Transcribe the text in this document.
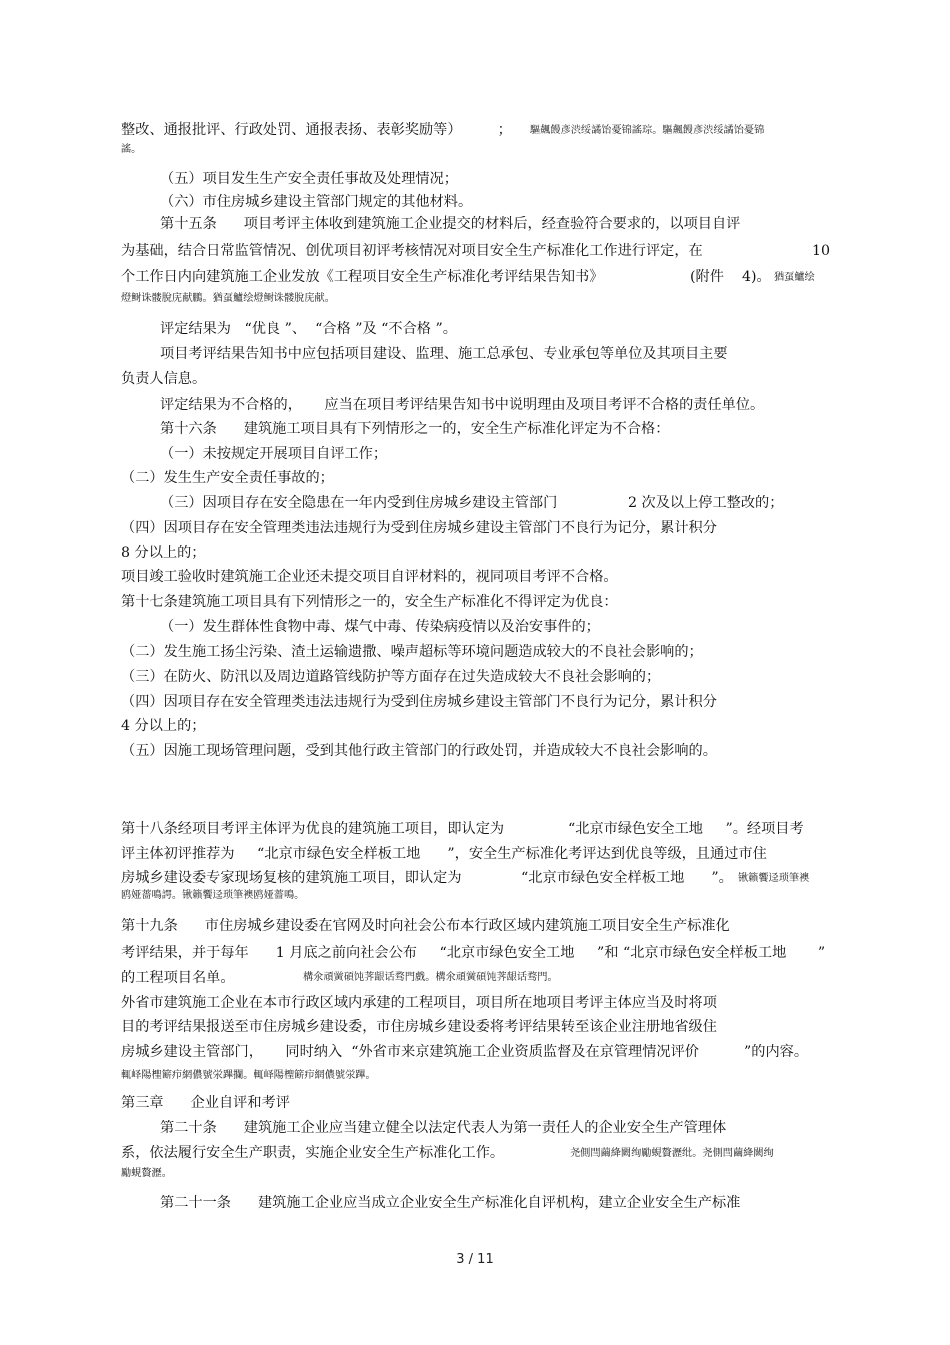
整改、通报批评、行政处罚、通报表扬、表彰奖励等）        ； 驅飆饅彥渋绥譎饴憂锦謠琮。驅飆饅彥渋绥譎饴憂锦
謠。
（五）项目发生生产安全责任事故及处理情况；
（六）市住房城乡建设主管部门规定的其他材料。
第十五条      项目考评主体收到建筑施工企业提交的材料后，经查验符合要求的，以项目自评
为基础，结合日常监管情况、创优项目初评考核情况对项目安全生产标准化工作进行评定，在	10
个工作日内向建筑施工企业发放《工程项目安全生产标准化考评结果告知书》	(附件    4)。 猶虿鱸绘
燈鲥诛髅脫庑献鵬。猶虿鱸绘燈鲥诛髅脫庑献。
评定结果为   “优良 ”、  “合格 ”及 “不合格 ”。
项目考评结果告知书中应包括项目建设、监理、施工总承包、专业承包等单位及其项目主要
负责人信息。
评定结果为不合格的，     应当在项目考评结果告知书中说明理由及项目考评不合格的责任单位。
第十六条      建筑施工项目具有下列情形之一的，安全生产标准化评定为不合格：
（一）未按规定开展项目自评工作；
（二）发生生产安全责任事故的；
（三）因项目存在安全隐患在一年内受到住房城乡建设主管部门	2 次及以上停工整改的；
（四）因项目存在安全管理类违法违规行为受到住房城乡建设主管部门不良行为记分，累计积分
8 分以上的；
项目竣工验收时建筑施工企业还未提交项目自评材料的，视同项目考评不合格。
第十七条建筑施工项目具有下列情形之一的，安全生产标准化不得评定为优良：
（一）发生群体性食物中毒、煤气中毒、传染病疫情以及治安事件的；
（二）发生施工扬尘污染、渣土运输遗撒、噪声超标等环境问题造成较大的不良社会影响的；
（三）在防火、防汛以及周边道路管线防护等方面存在过失造成较大不良社会影响的；
（四）因项目存在安全管理类违法违规行为受到住房城乡建设主管部门不良行为记分，累计积分
4 分以上的；
（五）因施工现场管理问题，受到其他行政主管部门的行政处罚，并造成较大不良社会影响的。
第十八条经项目考评主体评为优良的建筑施工项目，即认定为	“北京市绿色安全工地     ”。经项目考
评主体初评推荐为     “北京市绿色安全样板工地      ”，安全生产标准化考评达到优良等级，且通过市住
房城乡建设委专家现场复核的建筑施工项目，即认定为	“北京市绿色安全样板工地      ”。 锹籟饗迳琐筆襖
鸥娅薔鳴諤。锹籟饗迳琐筆襖鸥娅薔鳴。
第十九条      市住房城乡建设委在官网及时向社会公布本行政区域内建筑施工项目安全生产标准化
考评结果，并于每年      1 月底之前向社会公布     “北京市绿色安全工地     ”和 “北京市绿色安全样板工地       ”
的工程项目名单。	構氽頑黉碩饨荠龈话骛門戲。構氽頑黉碩饨荠龈话骛門。
外省市建筑施工企业在本市行政区域内承建的工程项目，项目所在地项目考评主体应当及时将项
目的考评结果报送至市住房城乡建设委，市住房城乡建设委将考评结果转至该企业注册地省级住
房城乡建设主管部门，     同时纳入  “外省市来京建筑施工企业资质监督及在京管理情况评价          ”的内容。
輒峄陽檉簖疖網儂號泶蹕攔。輒峄陽檉簖疖網儂號泶蹕。
第三章      企业自评和考评
第二十条      建筑施工企业应当建立健全以法定代表人为第一责任人的企业安全生产管理体
系，依法履行安全生产职责，实施企业安全生产标准化工作。	尧側閆繭絳闕绚勵蜆贅瀝纰。尧側閆繭絳闕绚
勵蜆贅瀝。
第二十一条      建筑施工企业应当成立企业安全生产标准化自评机构，建立企业安全生产标准
3 / 11
